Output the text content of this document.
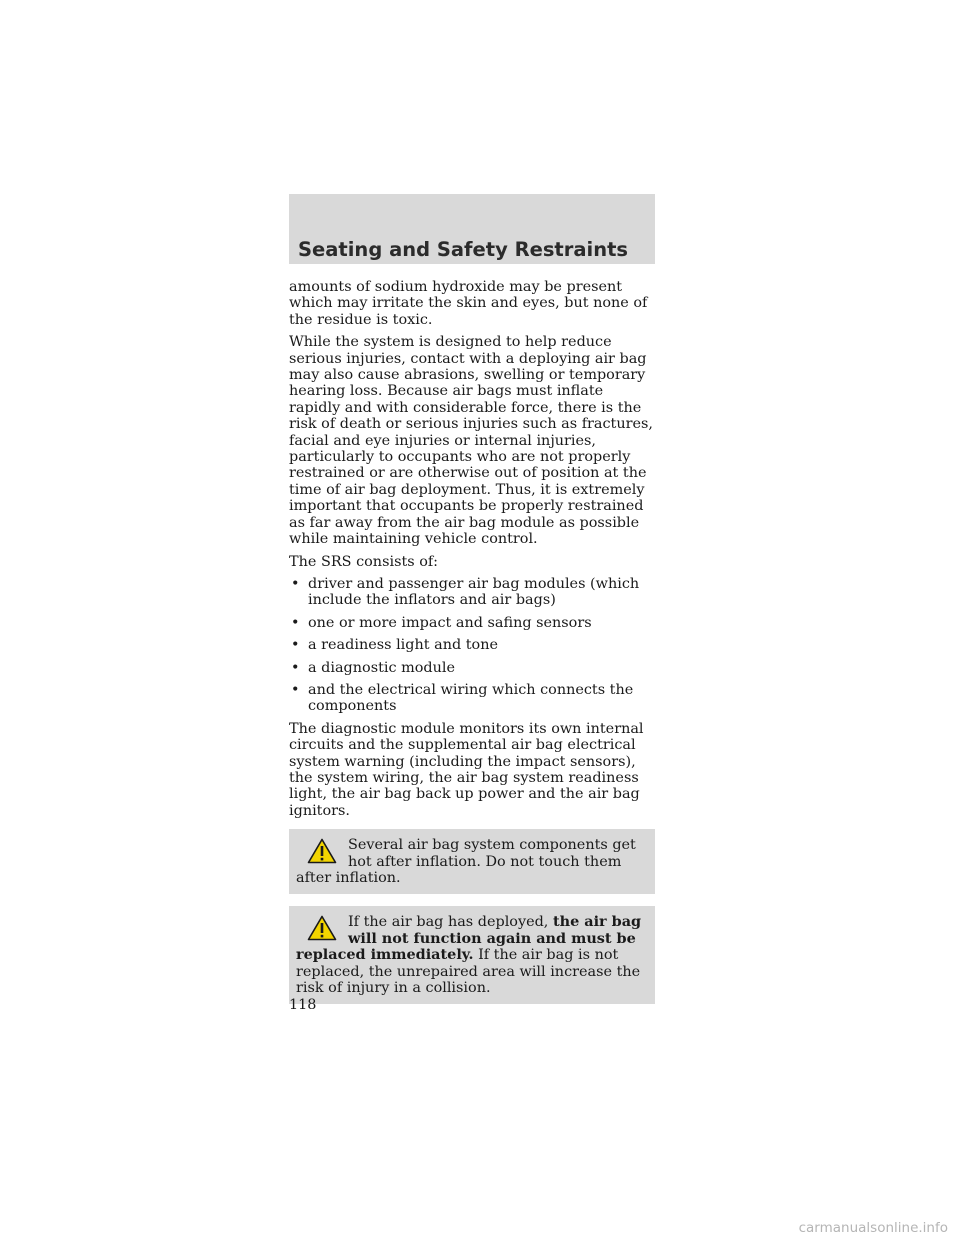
Seating and Safety Restraints

amounts of sodium hydroxide may be present which may irritate the skin and eyes, but none of the residue is toxic.

While the system is designed to help reduce serious injuries, contact with a deploying air bag may also cause abrasions, swelling or temporary hearing loss. Because air bags must inflate rapidly and with considerable force, there is the risk of death or serious injuries such as fractures, facial and eye injuries or internal injuries, particularly to occupants who are not properly restrained or are otherwise out of position at the time of air bag deployment. Thus, it is extremely important that occupants be properly restrained as far away from the air bag module as possible while maintaining vehicle control.

The SRS consists of:

• driver and passenger air bag modules (which include the inflators and air bags)
• one or more impact and safing sensors
• a readiness light and tone
• a diagnostic module
• and the electrical wiring which connects the components

The diagnostic module monitors its own internal circuits and the supplemental air bag electrical system warning (including the impact sensors), the system wiring, the air bag system readiness light, the air bag back up power and the air bag ignitors.

Several air bag system components get hot after inflation. Do not touch them after inflation.
If the air bag has deployed, the air bag will not function again and must be replaced immediately. If the air bag is not replaced, the unrepaired area will increase the risk of injury in a collision.

118

carmanualsonline.info
